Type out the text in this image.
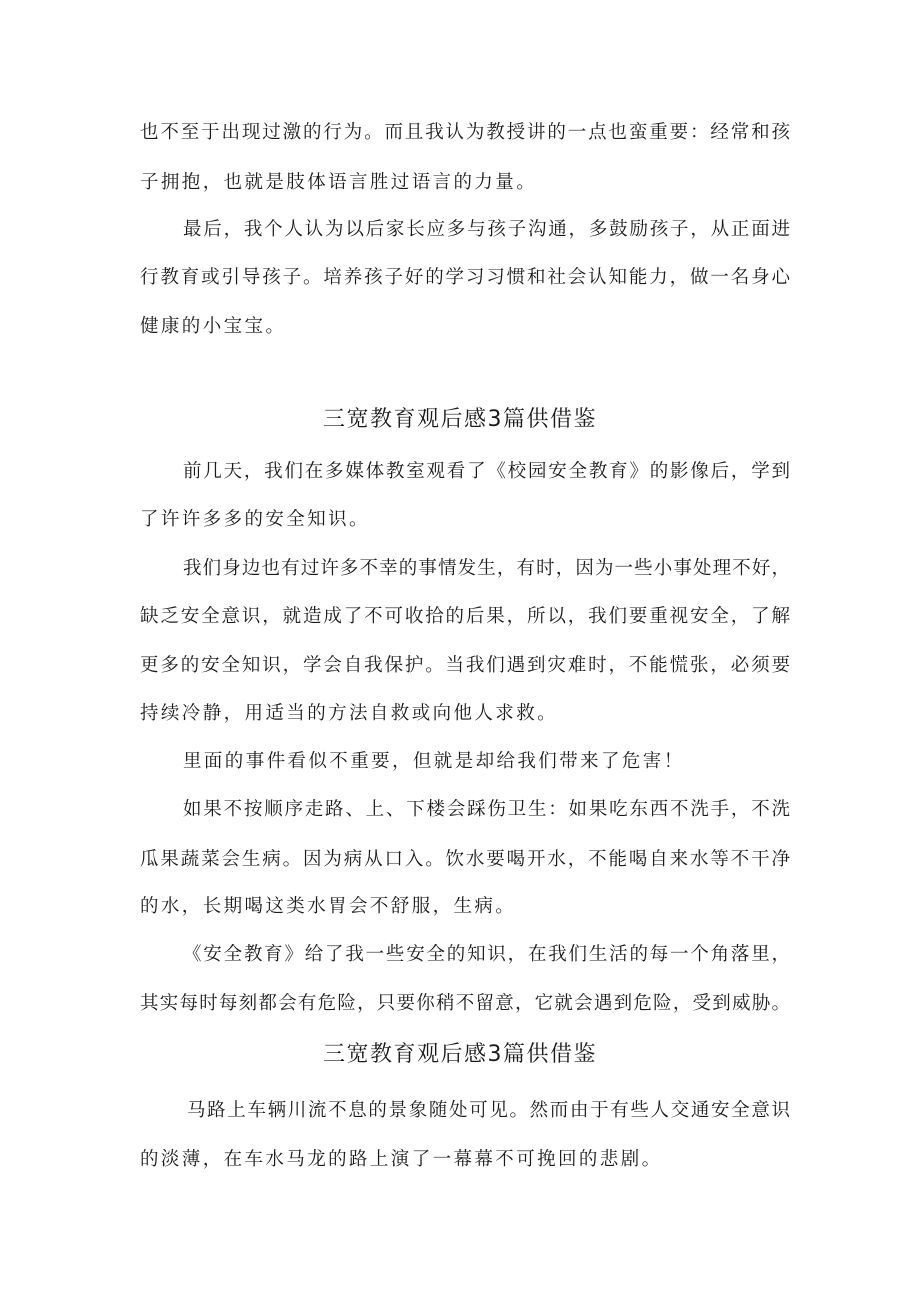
也不至于出现过激的行为。而且我认为教授讲的一点也蛮重要：经常和孩
子拥抱，也就是肢体语言胜过语言的力量。
最后，我个人认为以后家长应多与孩子沟通，多鼓励孩子，从正面进
行教育或引导孩子。培养孩子好的学习习惯和社会认知能力，做一名身心
健康的小宝宝。
三宽教育观后感3篇供借鉴
前几天，我们在多媒体教室观看了《校园安全教育》的影像后，学到
了许许多多的安全知识。
我们身边也有过许多不幸的事情发生，有时，因为一些小事处理不好，
缺乏安全意识，就造成了不可收拾的后果，所以，我们要重视安全，了解
更多的安全知识，学会自我保护。当我们遇到灾难时，不能慌张，必须要
持续冷静，用适当的方法自救或向他人求救。
里面的事件看似不重要，但就是却给我们带来了危害！
如果不按顺序走路、上、下楼会踩伤卫生：如果吃东西不洗手，不洗
瓜果蔬菜会生病。因为病从口入。饮水要喝开水，不能喝自来水等不干净
的水，长期喝这类水胃会不舒服，生病。
《安全教育》给了我一些安全的知识，在我们生活的每一个角落里，
其实每时每刻都会有危险，只要你稍不留意，它就会遇到危险，受到威胁。
三宽教育观后感3篇供借鉴
马路上车辆川流不息的景象随处可见。然而由于有些人交通安全意识
的淡薄，在车水马龙的路上演了一幕幕不可挽回的悲剧。
